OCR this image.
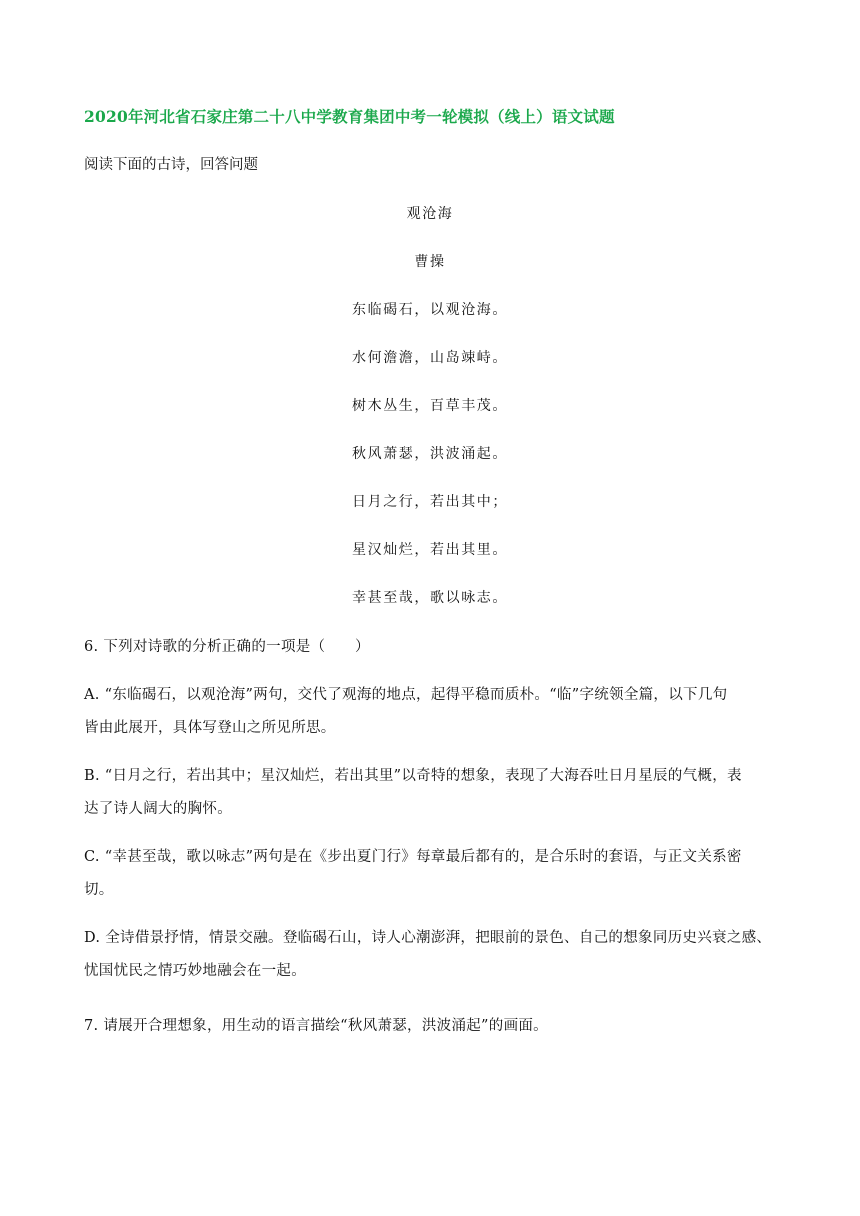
2020年河北省石家庄第二十八中学教育集团中考一轮模拟（线上）语文试题
阅读下面的古诗，回答问题
观沧海
曹操
东临碣石，以观沧海。
水何澹澹，山岛竦峙。
树木丛生，百草丰茂。
秋风萧瑟，洪波涌起。
日月之行，若出其中；
星汉灿烂，若出其里。
幸甚至哉，歌以咏志。
6. 下列对诗歌的分析正确的一项是（　　）
A. “东临碣石，以观沧海”两句，交代了观海的地点，起得平稳而质朴。“临”字统领全篇，以下几句
皆由此展开，具体写登山之所见所思。
B. “日月之行，若出其中；星汉灿烂，若出其里”以奇特的想象，表现了大海吞吐日月星辰的气概，表
达了诗人阔大的胸怀。
C. “幸甚至哉，歌以咏志”两句是在《步出夏门行》每章最后都有的，是合乐时的套语，与正文关系密
切。
D. 全诗借景抒情，情景交融。登临碣石山，诗人心潮澎湃，把眼前的景色、自己的想象同历史兴衰之感、
忧国忧民之情巧妙地融会在一起。
7. 请展开合理想象，用生动的语言描绘“秋风萧瑟，洪波涌起”的画面。
